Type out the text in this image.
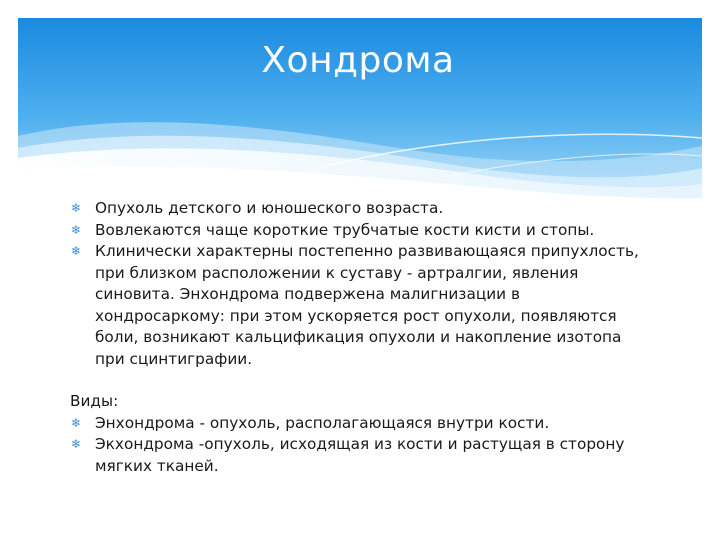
Хондрома
❄ Опухоль детского и юношеского возраста.
❄ Вовлекаются чаще короткие трубчатые кости кисти и стопы.
❄ Клинически характерны постепенно развивающаяся припухлость, при близком расположении к суставу - артралгии, явления синовита. Энхондрома подвержена малигнизации в хондросаркому: при этом ускоряется рост опухоли, появляются боли, возникают кальцификация опухоли и накопление изотопа при сцинтиграфии.
Виды:
❄ Энхондрома - опухоль, располагающаяся внутри кости.
❄ Экхондрома -опухоль, исходящая из кости и растущая в сторону мягких тканей.
